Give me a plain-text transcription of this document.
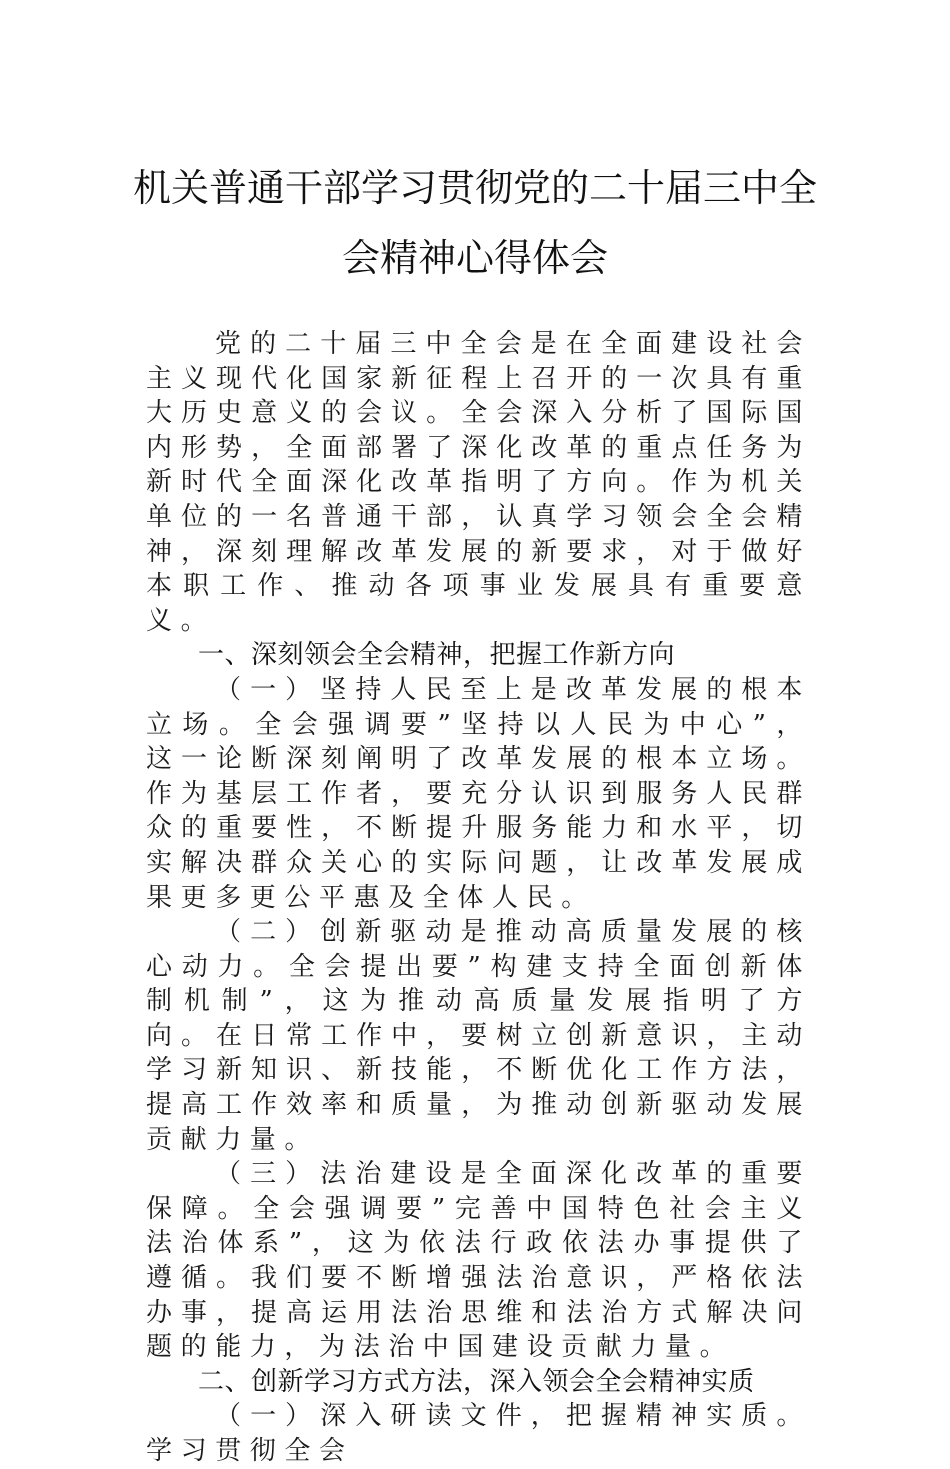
机关普通干部学习贯彻党的二十届三中全
会精神心得体会

党的二十届三中全会是在全面建设社会主义现代化国家新征程上召开的一次具有重大历史意义的会议。全会深入分析了国际国内形势，全面部署了深化改革的重点任务为新时代全面深化改革指明了方向。作为机关单位的一名普通干部，认真学习领会全会精神，深刻理解改革发展的新要求，对于做好本职工作、推动各项事业发展具有重要意义。

一、深刻领会全会精神，把握工作新方向

（一）坚持人民至上是改革发展的根本立场。全会强调要”坚持以人民为中心”，这一论断深刻阐明了改革发展的根本立场。作为基层工作者，要充分认识到服务人民群众的重要性，不断提升服务能力和水平，切实解决群众关心的实际问题，让改革发展成果更多更公平惠及全体人民。

（二）创新驱动是推动高质量发展的核心动力。全会提出要”构建支持全面创新体制机制”，这为推动高质量发展指明了方向。在日常工作中，要树立创新意识，主动学习新知识、新技能，不断优化工作方法，提高工作效率和质量，为推动创新驱动发展贡献力量。

（三）法治建设是全面深化改革的重要保障。全会强调要”完善中国特色社会主义法治体系”，这为依法行政依法办事提供了遵循。我们要不断增强法治意识，严格依法办事，提高运用法治思维和法治方式解决问题的能力，为法治中国建设贡献力量。

二、创新学习方式方法，深入领会全会精神实质

（一）深入研读文件，把握精神实质。学习贯彻全会
